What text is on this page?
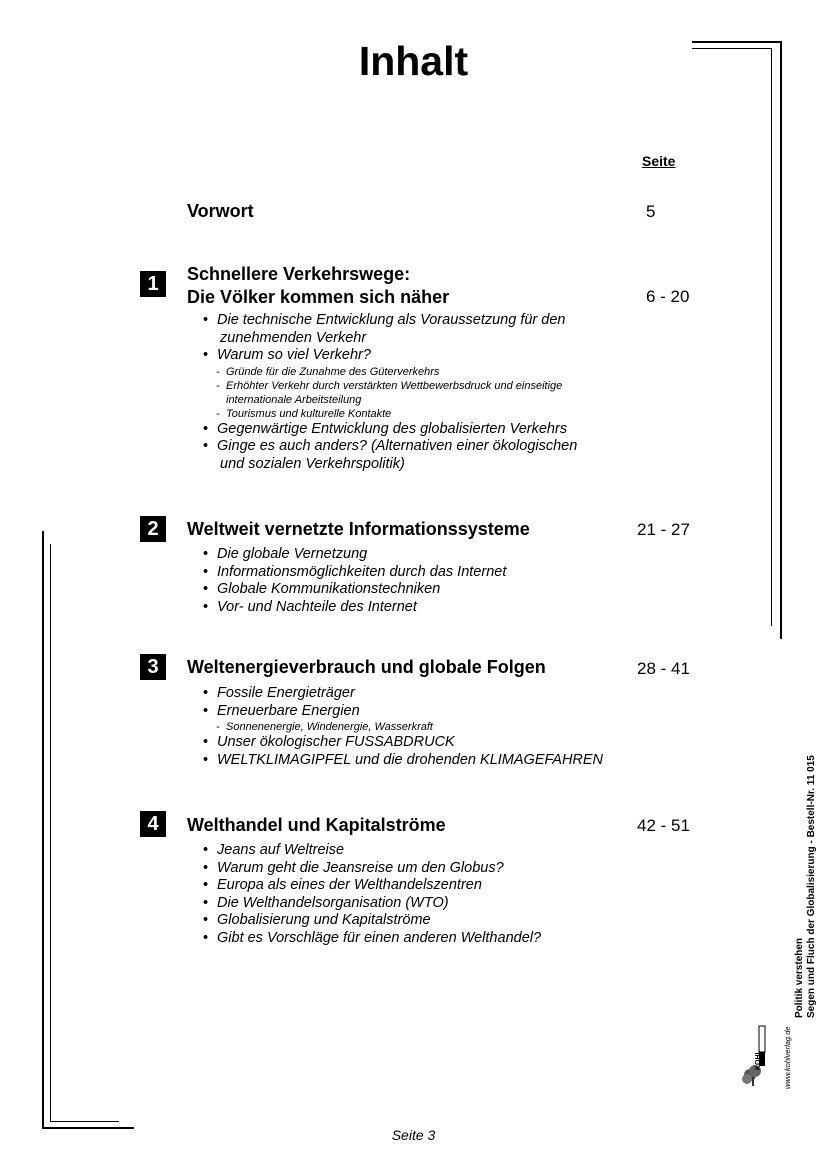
Inhalt
Seite
Vorwort	5
1	Schnellere Verkehrswege:
Die Völker kommen sich näher	6 - 20
• Die technische Entwicklung als Voraussetzung für den
zunehmenden Verkehr
• Warum so viel Verkehr?
- Gründe für die Zunahme des Güterverkehrs
- Erhöhter Verkehr durch verstärkten Wettbewerbsdruck und einseitige
internationale Arbeitsteilung
- Tourismus und kulturelle Kontakte
• Gegenwärtige Entwicklung des globalisierten Verkehrs
• Ginge es auch anders? (Alternativen einer ökologischen
und sozialen Verkehrspolitik)
2	Weltweit vernetzte Informationssysteme	21 - 27
• Die globale Vernetzung
• Informationsmöglichkeiten durch das Internet
• Globale Kommunikationstechniken
• Vor- und Nachteile des Internet
3	Weltenergieverbrauch und globale Folgen	28 - 41
• Fossile Energieträger
• Erneuerbare Energien
- Sonnenenergie, Windenergie, Wasserkraft
• Unser ökologischer FUSSABDRUCK
• WELTKLIMAGIPFEL und die drohenden KLIMAGEFAHREN
4	Welthandel und Kapitalströme	42 - 51
• Jeans auf Weltreise
• Warum geht die Jeansreise um den Globus?
• Europa als eines der Welthandelszentren
• Die Welthandelsorganisation (WTO)
• Globalisierung und Kapitalströme
• Gibt es Vorschläge für einen anderen Welthandel?
Politik verstehen Segen und Fluch der Globalisierung - Bestell-Nr. 11 015
www.kohlverlag.de
KOHL
Seite 3
